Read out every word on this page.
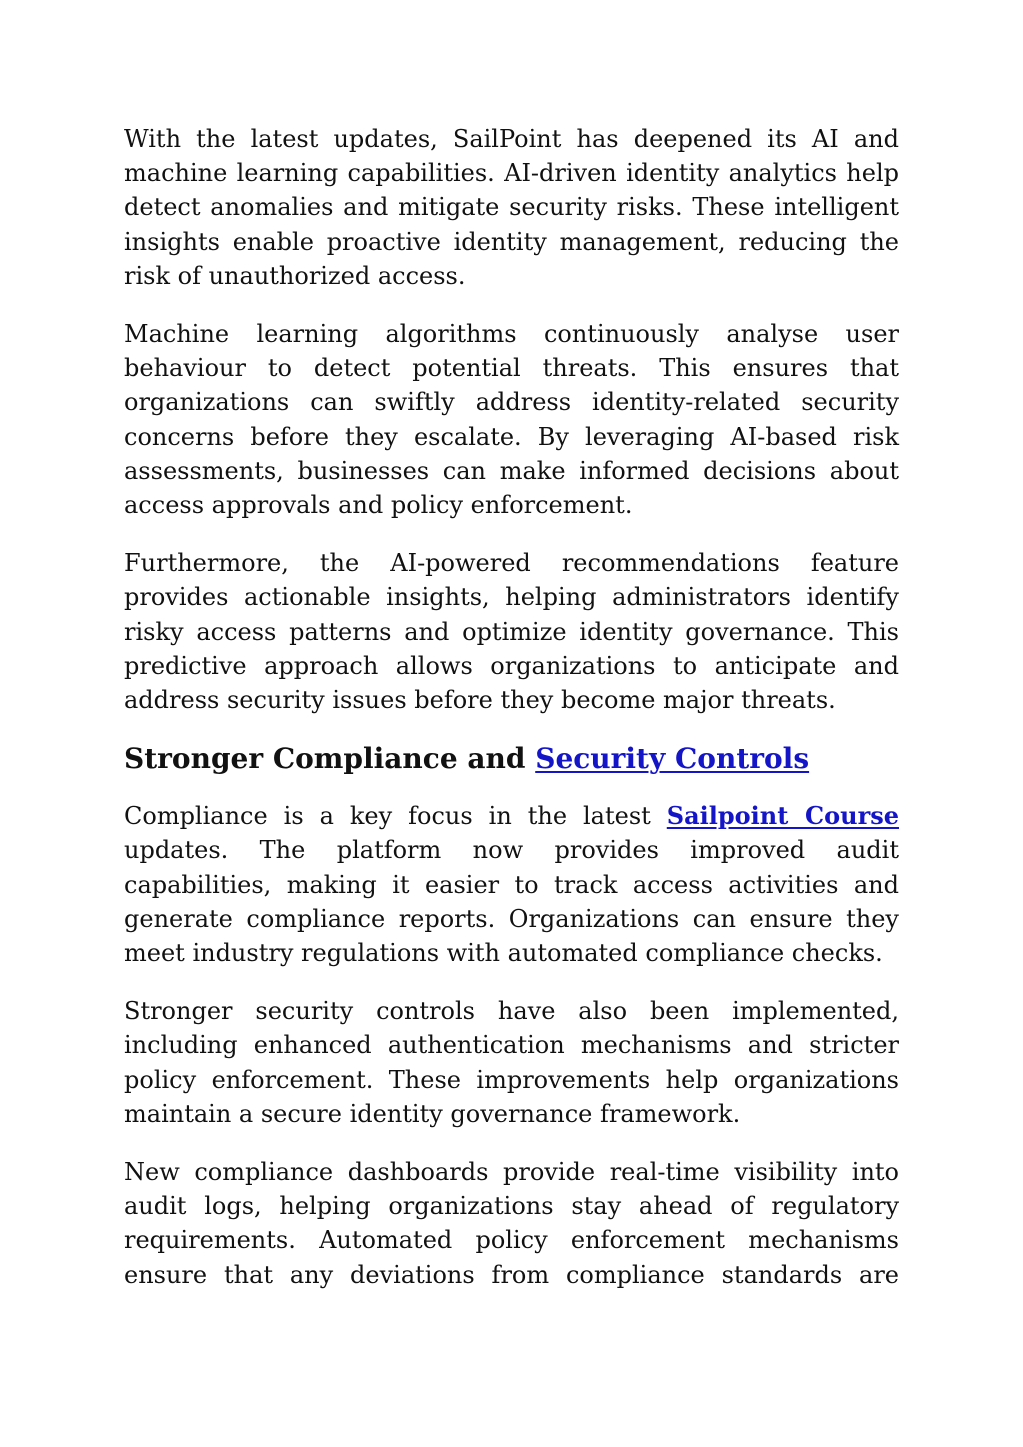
With the latest updates, SailPoint has deepened its AI and machine learning capabilities. AI-driven identity analytics help detect anomalies and mitigate security risks. These intelligent insights enable proactive identity management, reducing the risk of unauthorized access.

Machine learning algorithms continuously analyse user behaviour to detect potential threats. This ensures that organizations can swiftly address identity-related security concerns before they escalate. By leveraging AI-based risk assessments, businesses can make informed decisions about access approvals and policy enforcement.

Furthermore, the AI-powered recommendations feature provides actionable insights, helping administrators identify risky access patterns and optimize identity governance. This predictive approach allows organizations to anticipate and address security issues before they become major threats.

Stronger Compliance and Security Controls

Compliance is a key focus in the latest Sailpoint Course updates. The platform now provides improved audit capabilities, making it easier to track access activities and generate compliance reports. Organizations can ensure they meet industry regulations with automated compliance checks.

Stronger security controls have also been implemented, including enhanced authentication mechanisms and stricter policy enforcement. These improvements help organizations maintain a secure identity governance framework.

New compliance dashboards provide real-time visibility into audit logs, helping organizations stay ahead of regulatory requirements. Automated policy enforcement mechanisms ensure that any deviations from compliance standards are
